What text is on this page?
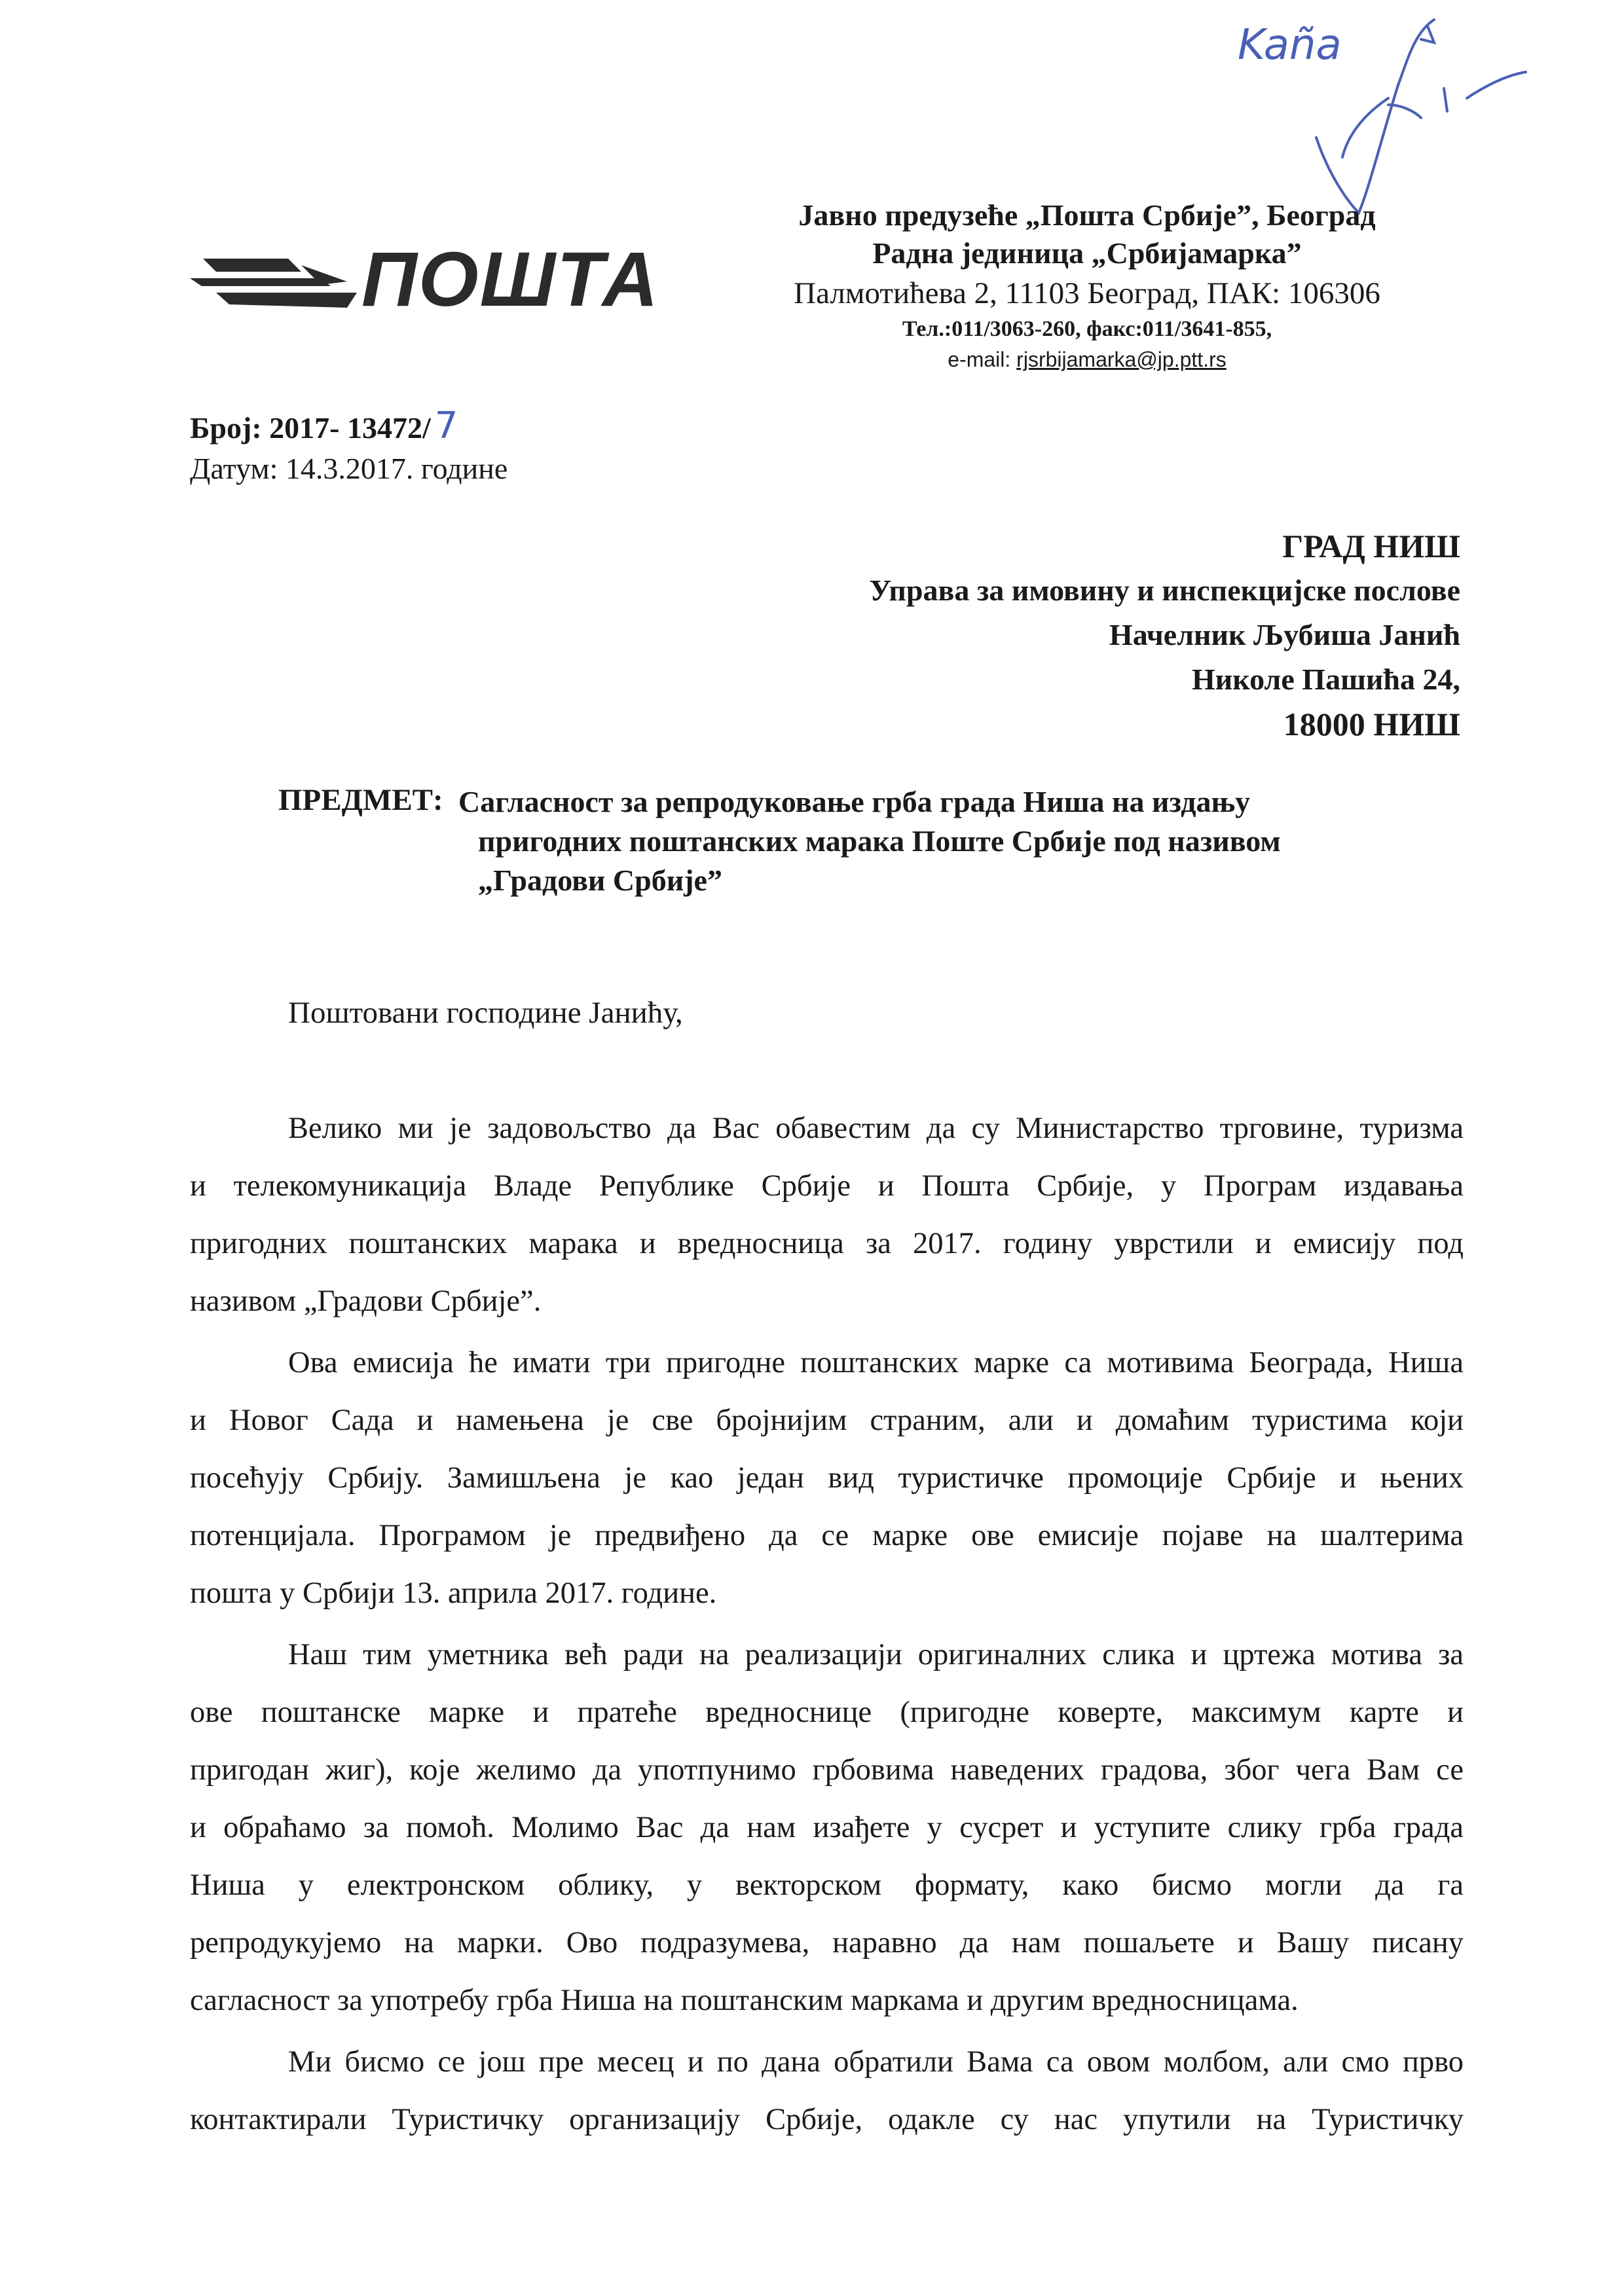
Kaña
ПОШТА
Јавно предузеће „Пошта Србије”, Београд
Радна јединица „Србијамарка”
Палмотићева 2, 11103 Београд, ПАК: 106306
Тел.:011/3063-260, факс:011/3641-855,
e-mail: rjsrbijamarka@jp.ptt.rs
Број: 2017- 13472/ 7
Датум: 14.3.2017. године
ГРАД НИШ
Управа за имовину и инспекцијске послове
Начелник Љубиша Јанић
Николе Пашића 24,
18000 НИШ
ПРЕДМЕТ: Сагласност за репродуковање грба града Ниша на издању
пригодних поштанских марака Поште Србије под називом
„Градови Србије”
Поштовани господине Јанићу,
Велико ми је задовољство да Вас обавестим да су Министарство трговине, туризма
и телекомуникација Владе Републике Србије и Пошта Србије, у Програм издавања
пригодних поштанских марака и вредносница за 2017. годину уврстили и емисију под
називом „Градови Србије”.
Ова емисија ће имати три пригодне поштанских марке са мотивима Београда, Ниша
и Новог Сада и намењена је све бројнијим страним, али и домаћим туристима који
посећују Србију. Замишљена је као један вид туристичке промоције Србије и њених
потенцијала. Програмом је предвиђено да се марке ове емисије појаве на шалтерима
пошта у Србији 13. априла 2017. године.
Наш тим уметника већ ради на реализацији оригиналних слика и цртежа мотива за
ове поштанске марке и пратеће вредноснице (пригодне коверте, максимум карте и
пригодан жиг), које желимо да употпунимо грбовима наведених градова, због чега Вам се
и обраћамо за помоћ. Молимо Вас да нам изађете у сусрет и уступите слику грба града
Ниша у електронском облику, у векторском формату, како бисмо могли да га
репродукујемо на марки. Ово подразумева, наравно да нам пошаљете и Вашу писану
сагласност за употребу грба Ниша на поштанским маркама и другим вредносницама.
Ми бисмо се још пре месец и по дана обратили Вама са овом молбом, али смо прво
контактирали Туристичку организацију Србије, одакле су нас упутили на Туристичку
